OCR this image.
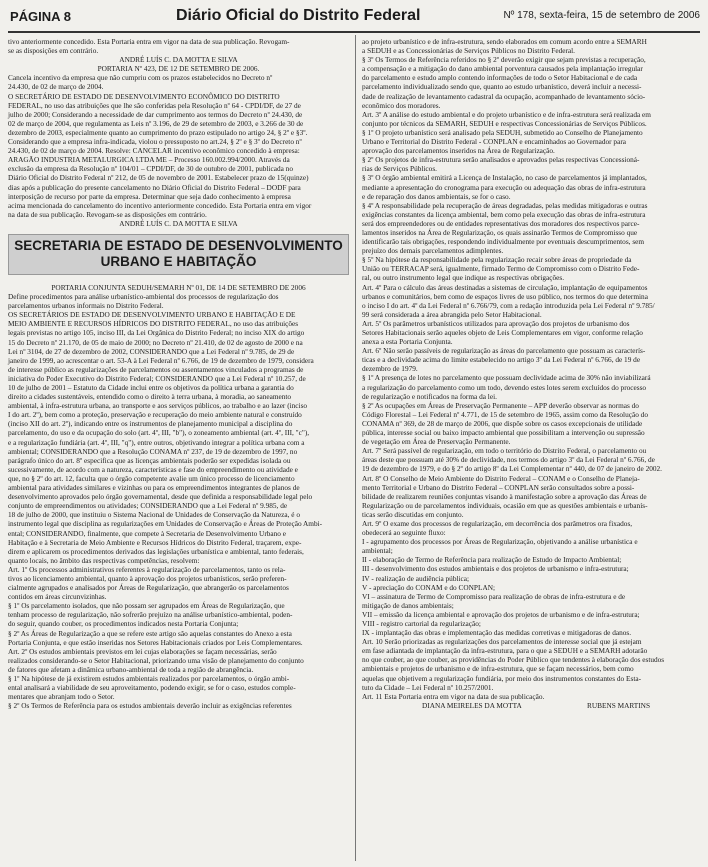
PÁGINA 8	Diário Oficial do Distrito Federal	Nº 178, sexta-feira, 15 de setembro de 2006

tivo anteriormente concedido. Esta Portaria entra em vigor na data de sua publicação. Revogam-

se as disposições em contrário.

ANDRÉ LUÍS C. DA MOTTA E SILVA

PORTARIA Nº 423, DE 12 DE SETEMBRO DE 2006.

Cancela incentivo da empresa que não cumpriu com os prazos estabelecidos no Decreto nº

24.430, de 02 de março de 2004.

O SECRETÁRIO DE ESTADO DE DESENVOLVIMENTO ECONÔMICO DO DISTRITO

FEDERAL, no uso das atribuições que lhe são conferidas pela Resolução nº 64 - CPDI/DF, de 27 de

julho de 2000; Considerando a necessidade de dar cumprimento aos termos do Decreto nº 24.430, de

02 de março de 2004, que regulamenta as Leis nº 3.196, de 29 de setembro de 2003, e 3.266 de 30 de

dezembro de 2003, especialmente quanto ao cumprimento do prazo estipulado no artigo 24, § 2º e §3º.

Considerando que a empresa infra-indicada, violou o pressuposto no art.24, § 2º e § 3º do Decreto nº

24.430, de 02 de março de 2004. Resolve: CANCELAR incentivo econômico concedido à empresa:

ARAGÃO INDUSTRIA METALURGICA LTDA ME – Processo 160.002.994/2000. Através da

exclusão da empresa da Resolução nº 104/01 – CPDI/DF, de 30 de outubro de 2001, publicada no

Diário Oficial do Distrito Federal nº 212, de 05 de novembro de 2001. Estabelecer prazo de 15(quinze)

dias após a publicação do presente cancelamento no Diário Oficial do Distrito Federal – DODF para

interposição de recurso por parte da empresa. Determinar que seja dado conhecimento à empresa

acima mencionada do cancelamento do incentivo anteriormente concedido. Esta Portaria entra em vigor

na data de sua publicação. Revogam-se as disposições em contrário.

ANDRÉ LUÍS C. DA MOTTA E SILVA

SECRETARIA DE ESTADO DE DESENVOLVIMENTO
URBANO E HABITAÇÃO

PORTARIA CONJUNTA SEDUH/SEMARH Nº 01, DE 14 DE SETEMBRO DE 2006

Define procedimentos para análise urbanístico-ambiental dos processos de regularização dos

parcelamentos urbanos informais no Distrito Federal.

OS SECRETÁRIOS DE ESTADO DE DESENVOLVIMENTO URBANO E HABITAÇÃO E DE

MEIO AMBIENTE E RECURSOS HÍDRICOS DO DISTRITO FEDERAL, no uso das atribuições

legais previstas no artigo 105, inciso III, da Lei Orgânica do Distrito Federal; no inciso XIX do artigo

15 do Decreto nº 21.170, de 05 de maio de 2000; no Decreto nº 21.410, de 02 de agosto de 2000 e na

Lei nº 3104, de 27 de dezembro de 2002, CONSIDERANDO que a Lei Federal nº 9.785, de 29 de

janeiro de 1999, ao acrescentar o art. 53-A à Lei Federal nº 6.766, de 19 de dezembro de 1979, considera

de interesse público as regularizações de parcelamentos ou assentamentos vinculados a programas de

iniciativa do Poder Executivo do Distrito Federal; CONSIDERANDO que a Lei Federal nº 10.257, de

10 de julho de 2001 – Estatuto da Cidade inclui entre os objetivos da política urbana a garantia do

direito a cidades sustentáveis, entendido como o direito à terra urbana, à moradia, ao saneamento

ambiental, à infra-estrutura urbana, ao transporte e aos serviços públicos, ao trabalho e ao lazer (inciso

I do art. 2º), bem como a proteção, preservação e recuperação do meio ambiente natural e construído

(inciso XII do art. 2º), indicando entre os instrumentos de planejamento municipal a disciplina do

parcelamento, do uso e da ocupação do solo (art. 4º, III, "b"), o zoneamento ambiental (art. 4º, III, "c"),

e a regularização fundiária (art. 4º, III, "q"), entre outros, objetivando integrar a política urbana com a

ambiental; CONSIDERANDO que a Resolução CONAMA nº 237, de 19 de dezembro de 1997, no

parágrafo único do art. 8º especifica que as licenças ambientais poderão ser expedidas isolada ou

sucessivamente, de acordo com a natureza, características e fase do empreendimento ou atividade e

que, no § 2º do art. 12, faculta que o órgão competente avalie um único processo de licenciamento

ambiental para atividades similares e vizinhas ou para os empreendimentos integrantes de planos de

desenvolvimento aprovados pelo órgão governamental, desde que definida a responsabilidade legal pelo

conjunto de empreendimentos ou atividades; CONSIDERANDO que a Lei Federal nº 9.985, de

18 de julho de 2000, que instituiu o Sistema Nacional de Unidades de Conservação da Natureza, é o

instrumento legal que disciplina as regularizações em Unidades de Conservação e Áreas de Proteção Ambi-

ental; CONSIDERANDO, finalmente, que compete à Secretaria de Desenvolvimento Urbano e

Habitação e à Secretaria de Meio Ambiente e Recursos Hídricos do Distrito Federal, traçarem, expe-

direm e aplicarem os procedimentos derivados das legislações urbanística e ambiental, tanto federais,

quanto locais, no âmbito das respectivas competências, resolvem:

Art. 1º Os processos administrativos referentes à regularização de parcelamentos, tanto os rela-

tivos ao licenciamento ambiental, quanto à aprovação dos projetos urbanísticos, serão preferen-

cialmente agrupados e analisados por Áreas de Regularização, que abrangerão os parcelamentos

contidos em áreas circunvizinhas.

§ 1º Os parcelamento isolados, que não possam ser agrupados em Áreas de Regularização, que

tenham processo de regularização, não sofrerão prejuízo na análise urbanístico-ambiental, poden-

do seguir, quando couber, os procedimentos indicados nesta Portaria Conjunta;

§ 2º As Áreas de Regularização a que se refere este artigo são aquelas constantes do Anexo a esta

Portaria Conjunta, e que estão inseridas nos Setores Habitacionais criados por Leis Complementares.

Art. 2º Os estudos ambientais previstos em lei cujas elaborações se façam necessárias, serão

realizados considerando-se o Setor Habitacional, priorizando uma visão de planejamento do conjunto

de fatores que afetam a dinâmica urbano-ambiental de toda a região de abrangência.

§ 1º Na hipótese de já existirem estudos ambientais realizados por parcelamentos, o órgão ambi-

ental analisará a viabilidade de seu aproveitamento, podendo exigir, se for o caso, estudos comple-

mentares que abranjam todo o Setor.

§ 2º Os Termos de Referência para os estudos ambientais deverão incluir as exigências referentes

ao projeto urbanístico e de infra-estrutura, sendo elaborados em comum acordo entre a SEMARH

a SEDUH e as Concessionárias de Serviços Públicos no Distrito Federal.

§ 3º Os Termos de Referência referidos no § 2º deverão exigir que sejam previstas a recuperação,

a compensação e a mitigação do dano ambiental porventura causados pela implantação irregular

do parcelamento e estudo amplo contendo informações de todo o Setor Habitacional e de cada

parcelamento individualizado sendo que, quanto ao estudo urbanístico, deverá incluir a necessi-

dade de realização de levantamento cadastral da ocupação, acompanhado de levantamento sócio-

econômico dos moradores.

Art. 3º A análise do estudo ambiental e do projeto urbanístico e de infra-estrutura será realizada em

conjunto por técnicos da SEMARH, SEDUH e respectivas Concessionárias de Serviços Públicos.

§ 1º O projeto urbanístico será analisado pela SEDUH, submetido ao Conselho de Planejamento

Urbano e Territorial do Distrito Federal - CONPLAN e encaminhados ao Governador para

aprovação dos parcelamentos inseridos na Área de Regularização.

§ 2º Os projetos de infra-estrutura serão analisados e aprovados pelas respectivas Concessioná-

rias de Serviços Públicos.

§ 3º O órgão ambiental emitirá a Licença de Instalação, no caso de parcelamentos já implantados,

mediante a apresentação do cronograma para execução ou adequação das obras de infra-estrutura

e de reparação dos danos ambientais, se for o caso.

§ 4º A responsabilidade pela recuperação de áreas degradadas, pelas medidas mitigadoras e outras

exigências constantes da licença ambiental, bem como pela execução das obras de infra-estrutura

será dos empreendedores ou de entidades representativas dos moradores dos respectivos parce-

lamentos inseridos na Área de Regularização, os quais assinarão Termos de Compromisso que

identificarão tais obrigações, respondendo individualmente por eventuais descumprimentos, sem

prejuízo dos demais parcelamentos adimplentes.

§ 5º Na hipótese da responsabilidade pela regularização recair sobre áreas de propriedade da

União ou TERRACAP será, igualmente, firmado Termo de Compromisso com o Distrito Fede-

ral, ou outro instrumento legal que indique as respectivas obrigações.

Art. 4º Para o cálculo das áreas destinadas a sistemas de circulação, implantação de equipamentos

urbanos e comunitários, bem como de espaços livres de uso público, nos termos do que determina

o inciso I do art. 4º da Lei Federal nº 6.766/79, com a redação introduzida pela Lei Federal nº 9.785/

99 será considerada a área abrangida pelo Setor Habitacional.

Art. 5º Os parâmetros urbanísticos utilizados para aprovação dos projetos de urbanismo dos

Setores Habitacionais serão aqueles objeto de Leis Complementares em vigor, conforme relação

anexa a esta Portaria Conjunta.

Art. 6º Não serão passíveis de regularização as áreas do parcelamento que possuam as caracterís-

ticas e a declividade acima do limite estabelecido no artigo 3º da Lei Federal nº 6.766, de 19 de

dezembro de 1979.

§ 1º A presença de lotes no parcelamento que possuam declividade acima de 30% não inviabilizará

a regularização do parcelamento como um todo, devendo estes lotes serem excluídos do processo

de regularização e notificados na forma da lei.

§ 2º As ocupações em Áreas de Preservação Permanente – APP deverão observar as normas do

Código Florestal – Lei Federal nº 4.771, de 15 de setembro de 1965, assim como da Resolução do

CONAMA nº 369, de 28 de março de 2006, que dispõe sobre os casos excepcionais de utilidade

pública, interesse social ou baixo impacto ambiental que possibilitam a intervenção ou supressão

de vegetação em Área de Preservação Permanente.

Art. 7º Será passível de regularização, em todo o território do Distrito Federal, o parcelamento ou

áreas deste que possuam até 30% de declividade, nos termos do artigo 3º da Lei Federal nº 6.766, de

19 de dezembro de 1979, e do § 2º do artigo 8º da Lei Complementar nº 440, de 07 de janeiro de 2002.

Art. 8º O Conselho de Meio Ambiente do Distrito Federal – CONAM e o Conselho de Planeja-

mento Territorial e Urbano do Distrito Federal – CONPLAN serão consultados sobre a possi-

bilidade de realizarem reuniões conjuntas visando à manifestação sobre a aprovação das Áreas de

Regularização ou de parcelamentos individuais, ocasião em que as questões ambientais e urbanís-

ticas serão discutidas em conjunto.

Art. 9º O exame dos processos de regularização, em decorrência dos parâmetros ora fixados,

obedecerá ao seguinte fluxo:

I - agrupamento dos processos por Áreas de Regularização, objetivando a análise urbanística e

ambiental;

II - elaboração de Termo de Referência para realização de Estudo de Impacto Ambiental;

III - desenvolvimento dos estudos ambientais e dos projetos de urbanismo e infra-estrutura;

IV - realização de audiência pública;

V - apreciação do CONAM e do CONPLAN;

VI – assinatura de Termo de Compromisso para realização de obras de infra-estrutura e de

mitigação de danos ambientais;

VII – emissão da licença ambiental e aprovação dos projetos de urbanismo e de infra-estrutura;

VIII - registro cartorial da regularização;

IX - implantação das obras e implementação das medidas corretivas e mitigadoras de danos.

Art. 10 Serão priorizadas as regularizações dos parcelamentos de interesse social que já estejam

em fase adiantada de implantação da infra-estrutura, para o que a SEDUH e a SEMARH adotarão

no que couber, ao que couber, as providências do Poder Público que tendentes à elaboração dos estudos

ambientais e projetos de urbanismo e de infra-estrutura, que se façam necessários, bem como

aquelas que objetivem a regularização fundiária, por meio dos instrumentos constantes do Esta-

tuto da Cidade – Lei Federal nº 10.257/2001.

Art. 11 Esta Portaria entra em vigor na data de sua publicação.

DIANA MEIRELES DA MOTTA	RUBENS MARTINS
